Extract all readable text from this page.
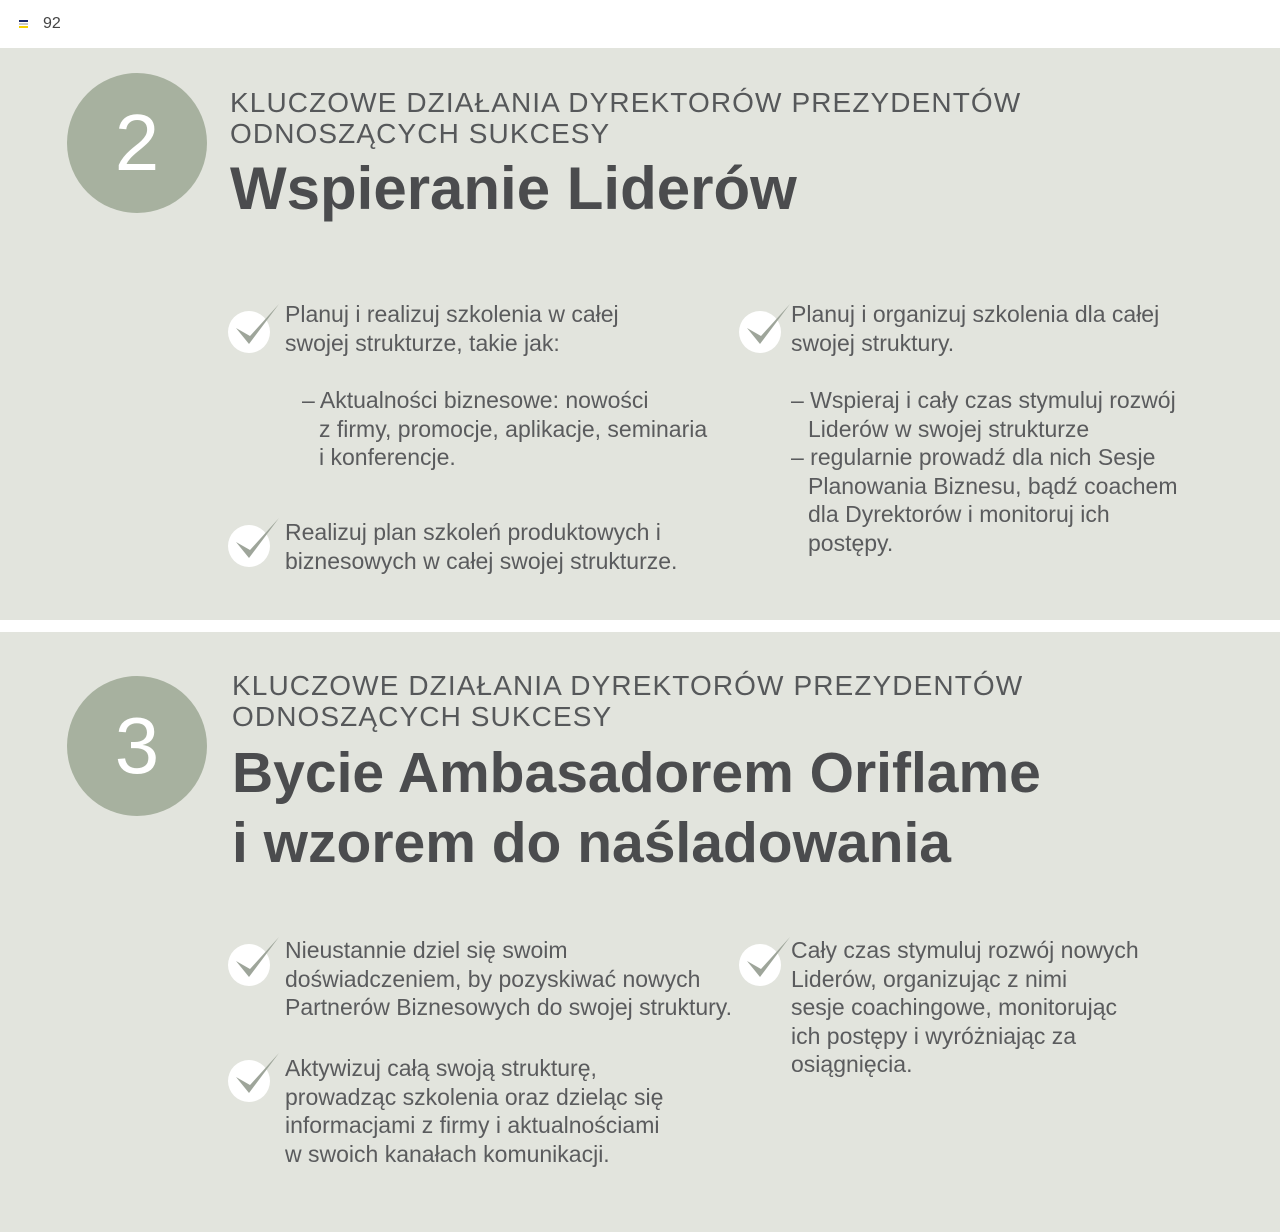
92
2	KLUCZOWE DZIAŁANIA DYREKTORÓW PREZYDENTÓW
ODNOSZĄCYCH SUKCESY
Wspieranie Liderów
Planuj i realizuj szkolenia w całej
swojej strukturze, takie jak:
– Aktualności biznesowe: nowości
z firmy, promocje, aplikacje, seminaria
i konferencje.
Realizuj plan szkoleń produktowych i
biznesowych w całej swojej strukturze.
Planuj i organizuj szkolenia dla całej
swojej struktury.
– Wspieraj i cały czas stymuluj rozwój
Liderów w swojej strukturze
– regularnie prowadź dla nich Sesje
Planowania Biznesu, bądź coachem
dla Dyrektorów i monitoruj ich
postępy.
3
KLUCZOWE DZIAŁANIA DYREKTORÓW PREZYDENTÓW
ODNOSZĄCYCH SUKCESY
Bycie Ambasadorem Oriflame
i wzorem do naśladowania
Nieustannie dziel się swoim
doświadczeniem, by pozyskiwać nowych
Partnerów Biznesowych do swojej struktury.
Aktywizuj całą swoją strukturę,
prowadząc szkolenia oraz dzieląc się
informacjami z firmy i aktualnościami
w swoich kanałach komunikacji.
Cały czas stymuluj rozwój nowych
Liderów, organizując z nimi
sesje coachingowe, monitorując
ich postępy i wyróżniając za
osiągnięcia.
